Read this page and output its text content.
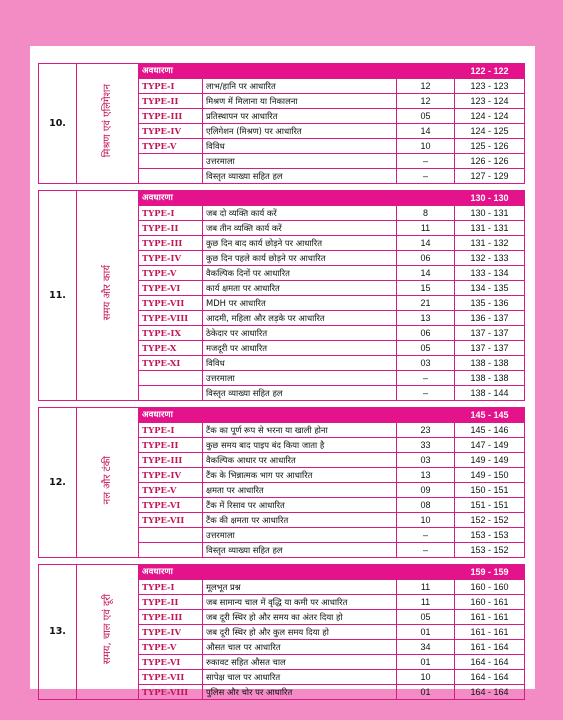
10.	मिश्रण एवं एलिगेशन	अवधारणा			122 - 122
		TYPE-I	लाभ/हानि पर आधारित	12	123 - 123
		TYPE-II	मिश्रण में मिलाना या निकालना	12	123 - 124
		TYPE-III	प्रतिस्थापन पर आधारित	05	124 - 124
		TYPE-IV	एलिगेशन (मिश्रण) पर आधारित	14	124 - 125
		TYPE-V	विविध	10	125 - 126
			उत्तरमाला	–	126 - 126
			विस्तृत व्याख्या सहित हल	–	127 - 129

11.	समय और कार्य	अवधारणा			130 - 130
		TYPE-I	जब दो व्यक्ति कार्य करें	8	130 - 131
		TYPE-II	जब तीन व्यक्ति कार्य करें	11	131 - 131
		TYPE-III	कुछ दिन बाद कार्य छोड़ने पर आधारित	14	131 - 132
		TYPE-IV	कुछ दिन पहले कार्य छोड़ने पर आधारित	06	132 - 133
		TYPE-V	वैकल्पिक दिनों पर आधारित	14	133 - 134
		TYPE-VI	कार्य क्षमता पर आधारित	15	134 - 135
		TYPE-VII	MDH पर आधारित	21	135 - 136
		TYPE-VIII	आदमी, महिला और लड़के पर आधारित	13	136 - 137
		TYPE-IX	ठेकेदार पर आधारित	06	137 - 137
		TYPE-X	मजदूरी पर आधारित	05	137 - 137
		TYPE-XI	विविध	03	138 - 138
			उत्तरमाला	–	138 - 138
			विस्तृत व्याख्या सहित हल	–	138 - 144

12.	नल और टंकी	अवधारणा			145 - 145
		TYPE-I	टैंक का पूर्ण रूप से भरना या खाली होना	23	145 - 146
		TYPE-II	कुछ समय बाद पाइप बंद किया जाता है	33	147 - 149
		TYPE-III	वैकल्पिक आधार पर आधारित	03	149 - 149
		TYPE-IV	टैंक के भिन्नात्मक भाग पर आधारित	13	149 - 150
		TYPE-V	क्षमता पर आधारित	09	150 - 151
		TYPE-VI	टैंक में रिसाव पर आधारित	08	151 - 151
		TYPE-VII	टैंक की क्षमता पर आधारित	10	152 - 152
			उत्तरमाला	–	153 - 153
			विस्तृत व्याख्या सहित हल	–	153 - 152

13.	समय, चाल एवं दूरी	अवधारणा			159 - 159
		TYPE-I	मूलभूत प्रश्न	11	160 - 160
		TYPE-II	जब सामान्य चाल में वृद्धि या कमी पर आधारित	11	160 - 161
		TYPE-III	जब दूरी स्थिर हो और समय का अंतर दिया हो	05	161 - 161
		TYPE-IV	जब दूरी स्थिर हो और कुल समय दिया हो	01	161 - 161
		TYPE-V	औसत चाल पर आधारित	34	161 - 164
		TYPE-VI	रुकावट सहित औसत चाल	01	164 - 164
		TYPE-VII	सापेक्ष चाल पर आधारित	10	164 - 164
		TYPE-VIII	पुलिस और चोर पर आधारित	01	164 - 164
